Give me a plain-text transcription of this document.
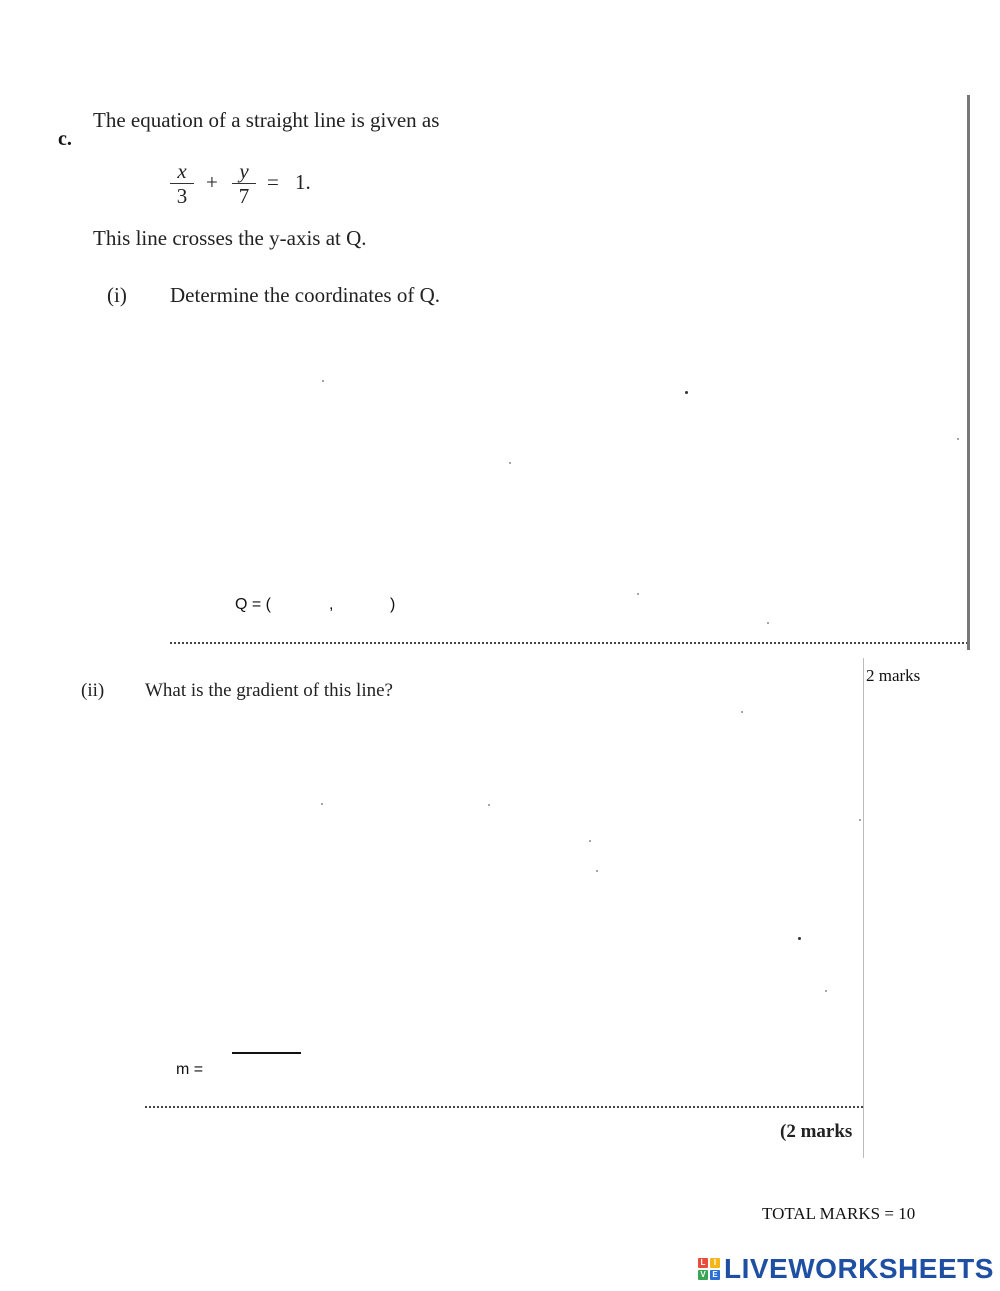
c.
The equation of a straight line is given as
x
3
+	y
7
= 1.
This line crosses the y-axis at Q.
(i) Determine the coordinates of Q.
Q = (	,	)
2 marks
(ii) What is the gradient of this line?
m =
(2 marks
TOTAL MARKS = 10
L	I
V E LIVEWORKSHEETS
